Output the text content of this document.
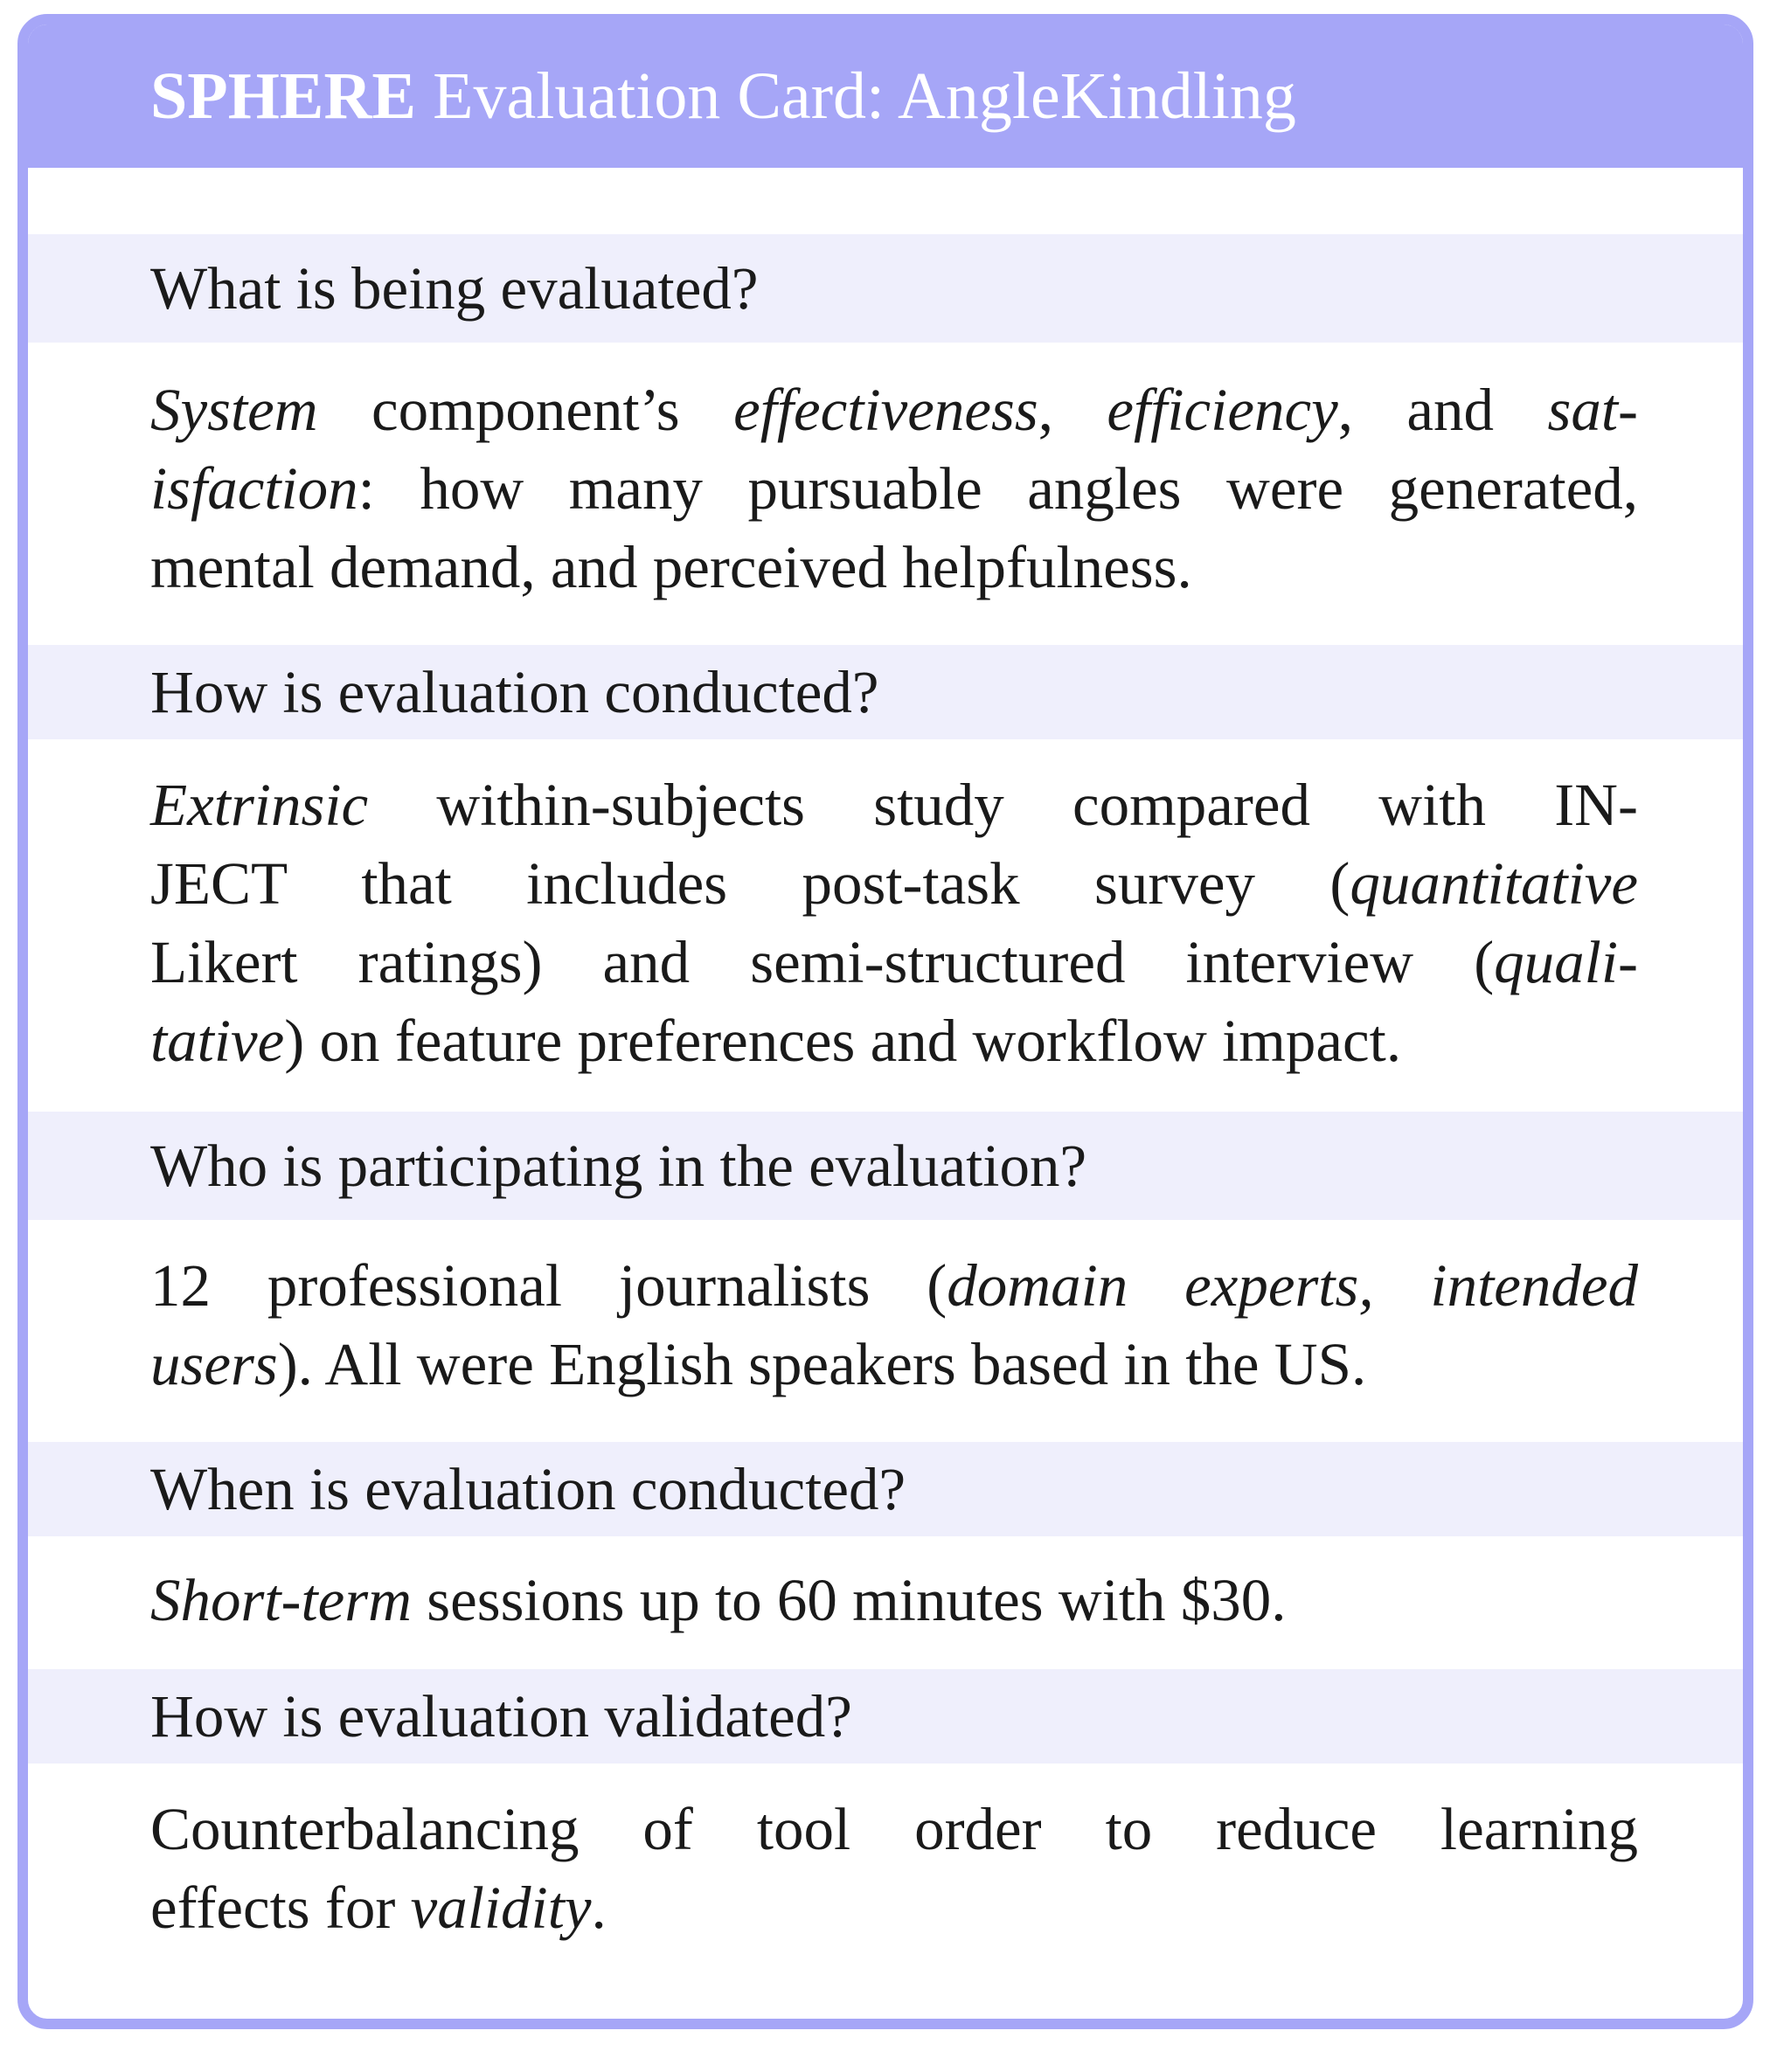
SPHERE Evaluation Card: AngleKindling
What is being evaluated?
System component’s effectiveness, efficiency, and sat-
isfaction: how many pursuable angles were generated,
mental demand, and perceived helpfulness.
How is evaluation conducted?
Extrinsic within-subjects study compared with IN-
JECT that includes post-task survey (quantitative
Likert ratings) and semi-structured interview (quali-
tative) on feature preferences and workflow impact.
Who is participating in the evaluation?
12 professional journalists (domain experts, intended
users). All were English speakers based in the US.
When is evaluation conducted?
Short-term sessions up to 60 minutes with $30.
How is evaluation validated?
Counterbalancing of tool order to reduce learning
effects for validity.
